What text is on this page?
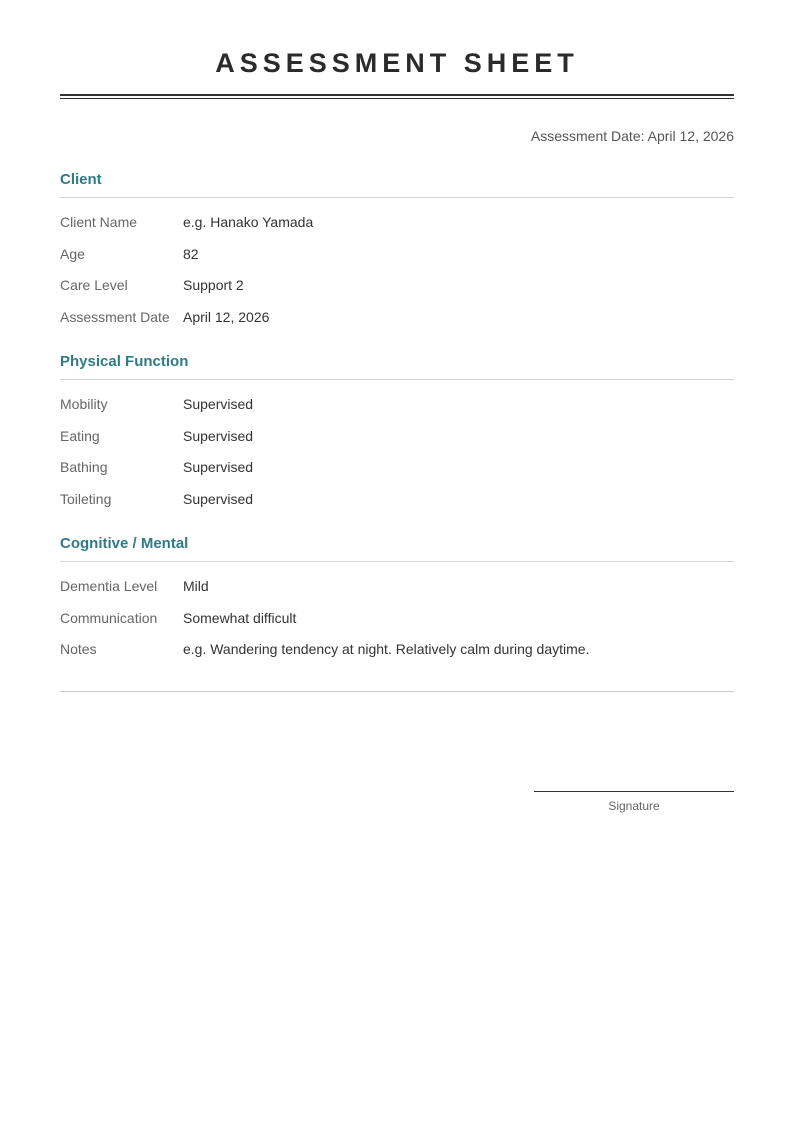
ASSESSMENT SHEET
Assessment Date: April 12, 2026
Client
Client Name	e.g. Hanako Yamada
Age	82
Care Level	Support 2
Assessment Date April 12, 2026
Physical Function
Mobility	Supervised
Eating	Supervised
Bathing	Supervised
Toileting	Supervised
Cognitive / Mental
Dementia Level	Mild
Communication	Somewhat difficult
Notes	e.g. Wandering tendency at night. Relatively calm during daytime.
Signature
